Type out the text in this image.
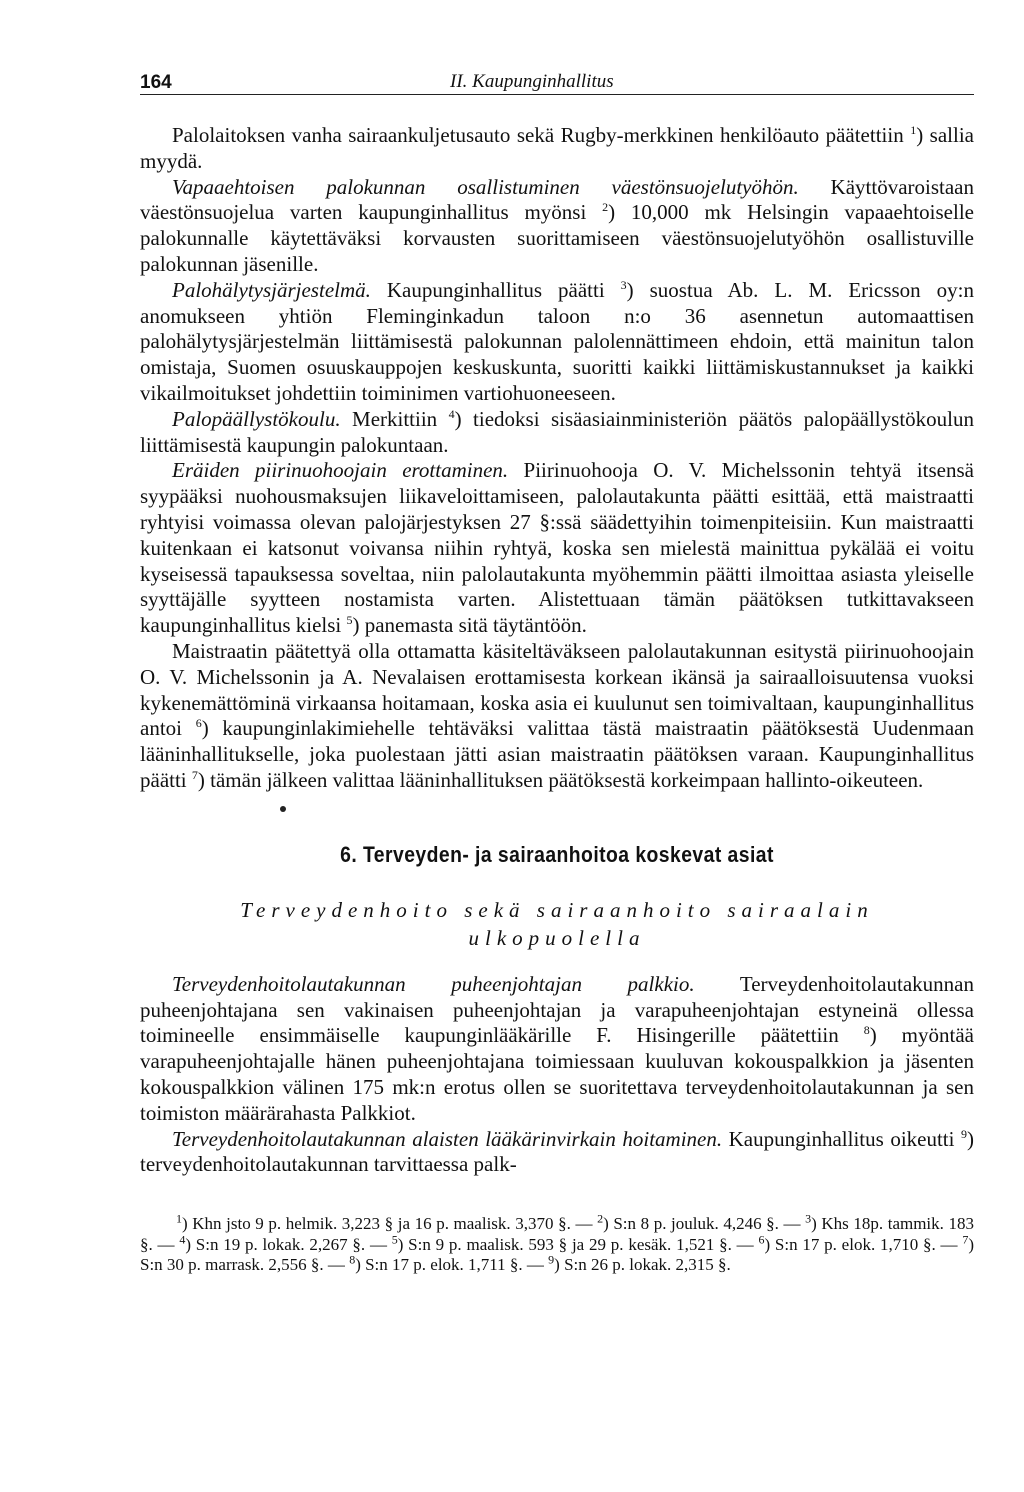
164	II. Kaupunginhallitus

Palolaitoksen vanha sairaankuljetusauto sekä Rugby-merkkinen henkilöauto päätettiin $^1$) sallia myydä.

Vapaaehtoisen palokunnan osallistuminen väestönsuojelutyöhön. Käyttövaroistaan väestönsuojelua varten kaupunginhallitus myönsi $^2$) 10,000 mk Helsingin vapaaehtoiselle palokunnalle käytettäväksi korvausten suorittamiseen väestönsuojelutyöhön osallistuville palokunnan jäsenille.

Palohälytysjärjestelmä. Kaupunginhallitus päätti $^3$) suostua Ab. L. M. Ericsson oy:n anomukseen yhtiön Fleminginkadun taloon n:o 36 asennetun automaattisen palohälytysjärjestelmän liittämisestä palokunnan palolennättimeen ehdoin, että mainitun talon omistaja, Suomen osuuskauppojen keskuskunta, suoritti kaikki liittämiskustannukset ja kaikki vikailmoitukset johdettiin toiminimen vartiohuoneeseen.

Palopäällystökoulu. Merkittiin $^4$) tiedoksi sisäasiainministeriön päätös palopäällystökoulun liittämisestä kaupungin palokuntaan.

Eräiden piirinuohoojain erottaminen. Piirinuohooja O. V. Michelssonin tehtyä itsensä syypääksi nuohousmaksujen liikaveloittamiseen, palolautakunta päätti esittää, että maistraatti ryhtyisi voimassa olevan palojärjestyksen 27 §:ssä säädettyihin toimenpiteisiin. Kun maistraatti kuitenkaan ei katsonut voivansa niihin ryhtyä, koska sen mielestä mainittua pykälää ei voitu kyseisessä tapauksessa soveltaa, niin palolautakunta myöhemmin päätti ilmoittaa asiasta yleiselle syyttäjälle syytteen nostamista varten. Alistettuaan tämän päätöksen tutkittavakseen kaupunginhallitus kielsi $^5$) panemasta sitä täytäntöön.

Maistraatin päätettyä olla ottamatta käsiteltäväkseen palolautakunnan esitystä piirinuohoojain O. V. Michelssonin ja A. Nevalaisen erottamisesta korkean ikänsä ja sairaalloisuutensa vuoksi kykenemättöminä virkaansa hoitamaan, koska asia ei kuulunut sen toimivaltaan, kaupunginhallitus antoi $^6$) kaupunginlakimiehelle tehtäväksi valittaa tästä maistraatin päätöksestä Uudenmaan lääninhallitukselle, joka puolestaan jätti asian maistraatin päätöksen varaan. Kaupunginhallitus päätti $^7$) tämän jälkeen valittaa lääninhallituksen päätöksestä korkeimpaan hallinto-oikeuteen.

6. Terveyden- ja sairaanhoitoa koskevat asiat
Terveydenhoito sekä sairaanhoito sairaalain
ulkopuolella

Terveydenhoitolautakunnan puheenjohtajan palkkio. Terveydenhoitolautakunnan puheenjohtajana sen vakinaisen puheenjohtajan ja varapuheenjohtajan estyneinä ollessa toimineelle ensimmäiselle kaupunginlääkärille F. Hisingerille päätettiin $^8$) myöntää varapuheenjohtajalle hänen puheenjohtajana toimiessaan kuuluvan kokouspalkkion ja jäsenten kokouspalkkion välinen 175 mk:n erotus ollen se suoritettava terveydenhoitolautakunnan ja sen toimiston määrärahasta Palkkiot.

Terveydenhoitolautakunnan alaisten lääkärinvirkain hoitaminen. Kaupunginhallitus oikeutti $^9$) terveydenhoitolautakunnan tarvittaessa palk-

$^1$) Khn jsto 9 p. helmik. 3,223 § ja 16 p. maalisk. 3,370 §. — $^2$) S:n 8 p. jouluk. 4,246 §. — $^3$) Khs 18p. tammik. 183 §. — $^4$) S:n 19 p. lokak. 2,267 §. — $^5$) S:n 9 p. maalisk. 593 § ja 29 p. kesäk. 1,521 §. — $^6$) S:n 17 p. elok. 1,710 §. — $^7$) S:n 30 p. marrask. 2,556 §. — $^8$) S:n 17 p. elok. 1,711 §. — $^9$) S:n 26 p. lokak. 2,315 §.
